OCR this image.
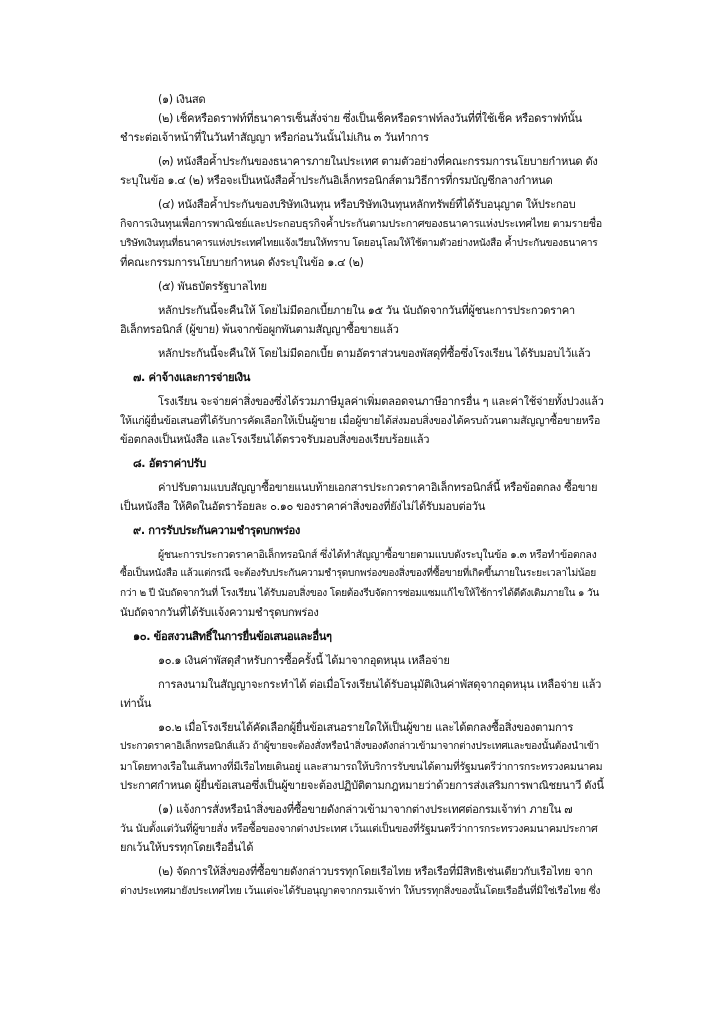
(๑) เงินสด
(๒) เช็คหรือดราฟท์ที่ธนาคารเซ็นสั่งจ่าย ซึ่งเป็นเช็คหรือดราฟท์ลงวันที่ที่ใช้เช็ค หรือดราฟท์นั้น
ชำระต่อเจ้าหน้าที่ในวันทำสัญญา หรือก่อนวันนั้นไม่เกิน ๓ วันทำการ
(๓) หนังสือค้ำประกันของธนาคารภายในประเทศ ตามตัวอย่างที่คณะกรรมการนโยบายกำหนด ดัง
ระบุในข้อ ๑.๔ (๒) หรือจะเป็นหนังสือค้ำประกันอิเล็กทรอนิกส์ตามวิธีการที่กรมบัญชีกลางกำหนด
(๔) หนังสือค้ำประกันของบริษัทเงินทุน หรือบริษัทเงินทุนหลักทรัพย์ที่ได้รับอนุญาต ให้ประกอบ
กิจการเงินทุนเพื่อการพาณิชย์และประกอบธุรกิจค้ำประกันตามประกาศของธนาคารแห่งประเทศไทย ตามรายชื่อ
บริษัทเงินทุนที่ธนาคารแห่งประเทศไทยแจ้งเวียนให้ทราบ โดยอนุโลมให้ใช้ตามตัวอย่างหนังสือ ค้ำประกันของธนาคาร
ที่คณะกรรมการนโยบายกำหนด ดังระบุในข้อ ๑.๔ (๒)
(๕) พันธบัตรรัฐบาลไทย
หลักประกันนี้จะคืนให้ โดยไม่มีดอกเบี้ยภายใน ๑๕ วัน นับถัดจากวันที่ผู้ชนะการประกวดราคา
อิเล็กทรอนิกส์ (ผู้ขาย) พ้นจากข้อผูกพันตามสัญญาซื้อขายแล้ว
หลักประกันนี้จะคืนให้ โดยไม่มีดอกเบี้ย ตามอัตราส่วนของพัสดุที่ซื้อซึ่งโรงเรียน ได้รับมอบไว้แล้ว
๗. ค่าจ้างและการจ่ายเงิน
โรงเรียน จะจ่ายค่าสิ่งของซึ่งได้รวมภาษีมูลค่าเพิ่มตลอดจนภาษีอากรอื่น ๆ และค่าใช้จ่ายทั้งปวงแล้ว
ให้แก่ผู้ยื่นข้อเสนอที่ได้รับการคัดเลือกให้เป็นผู้ขาย เมื่อผู้ขายได้ส่งมอบสิ่งของได้ครบถ้วนตามสัญญาซื้อขายหรือ
ข้อตกลงเป็นหนังสือ และโรงเรียนได้ตรวจรับมอบสิ่งของเรียบร้อยแล้ว
๘. อัตราค่าปรับ
ค่าปรับตามแบบสัญญาซื้อขายแนบท้ายเอกสารประกวดราคาอิเล็กทรอนิกส์นี้ หรือข้อตกลง ซื้อขาย
เป็นหนังสือ ให้คิดในอัตราร้อยละ ๐.๑๐ ของราคาค่าสิ่งของที่ยังไม่ได้รับมอบต่อวัน
๙. การรับประกันความชำรุดบกพร่อง
ผู้ชนะการประกวดราคาอิเล็กทรอนิกส์ ซึ่งได้ทำสัญญาซื้อขายตามแบบดังระบุในข้อ ๑.๓ หรือทำข้อตกลง
ซื้อเป็นหนังสือ แล้วแต่กรณี จะต้องรับประกันความชำรุดบกพร่องของสิ่งของที่ซื้อขายที่เกิดขึ้นภายในระยะเวลาไม่น้อย
กว่า ๒ ปี นับถัดจากวันที่ โรงเรียน ได้รับมอบสิ่งของ โดยต้องรีบจัดการซ่อมแซมแก้ไขให้ใช้การได้ดีดังเดิมภายใน ๑ วัน
นับถัดจากวันที่ได้รับแจ้งความชำรุดบกพร่อง
๑๐. ข้อสงวนสิทธิ์ในการยื่นข้อเสนอและอื่นๆ
๑๐.๑ เงินค่าพัสดุสำหรับการซื้อครั้งนี้ ได้มาจากอุดหนุน เหลือจ่าย
การลงนามในสัญญาจะกระทำได้ ต่อเมื่อโรงเรียนได้รับอนุมัติเงินค่าพัสดุจากอุดหนุน เหลือจ่าย แล้ว
เท่านั้น
๑๐.๒ เมื่อโรงเรียนได้คัดเลือกผู้ยื่นข้อเสนอรายใดให้เป็นผู้ขาย และได้ตกลงซื้อสิ่งของตามการ
ประกวดราคาอิเล็กทรอนิกส์แล้ว ถ้าผู้ขายจะต้องสั่งหรือนำสิ่งของดังกล่าวเข้ามาจากต่างประเทศและของนั้นต้องนำเข้า
มาโดยทางเรือในเส้นทางที่มีเรือไทยเดินอยู่ และสามารถให้บริการรับขนได้ตามที่รัฐมนตรีว่าการกระทรวงคมนาคม
ประกาศกำหนด ผู้ยื่นข้อเสนอซึ่งเป็นผู้ขายจะต้องปฏิบัติตามกฎหมายว่าด้วยการส่งเสริมการพาณิชยนาวี ดังนี้
(๑) แจ้งการสั่งหรือนำสิ่งของที่ซื้อขายดังกล่าวเข้ามาจากต่างประเทศต่อกรมเจ้าท่า ภายใน ๗
วัน นับตั้งแต่วันที่ผู้ขายสั่ง หรือซื้อของจากต่างประเทศ เว้นแต่เป็นของที่รัฐมนตรีว่าการกระทรวงคมนาคมประกาศ
ยกเว้นให้บรรทุกโดยเรืออื่นได้
(๒) จัดการให้สิ่งของที่ซื้อขายดังกล่าวบรรทุกโดยเรือไทย หรือเรือที่มีสิทธิเช่นเดียวกับเรือไทย จาก
ต่างประเทศมายังประเทศไทย เว้นแต่จะได้รับอนุญาตจากกรมเจ้าท่า ให้บรรทุกสิ่งของนั้นโดยเรืออื่นที่มิใช่เรือไทย ซึ่ง
